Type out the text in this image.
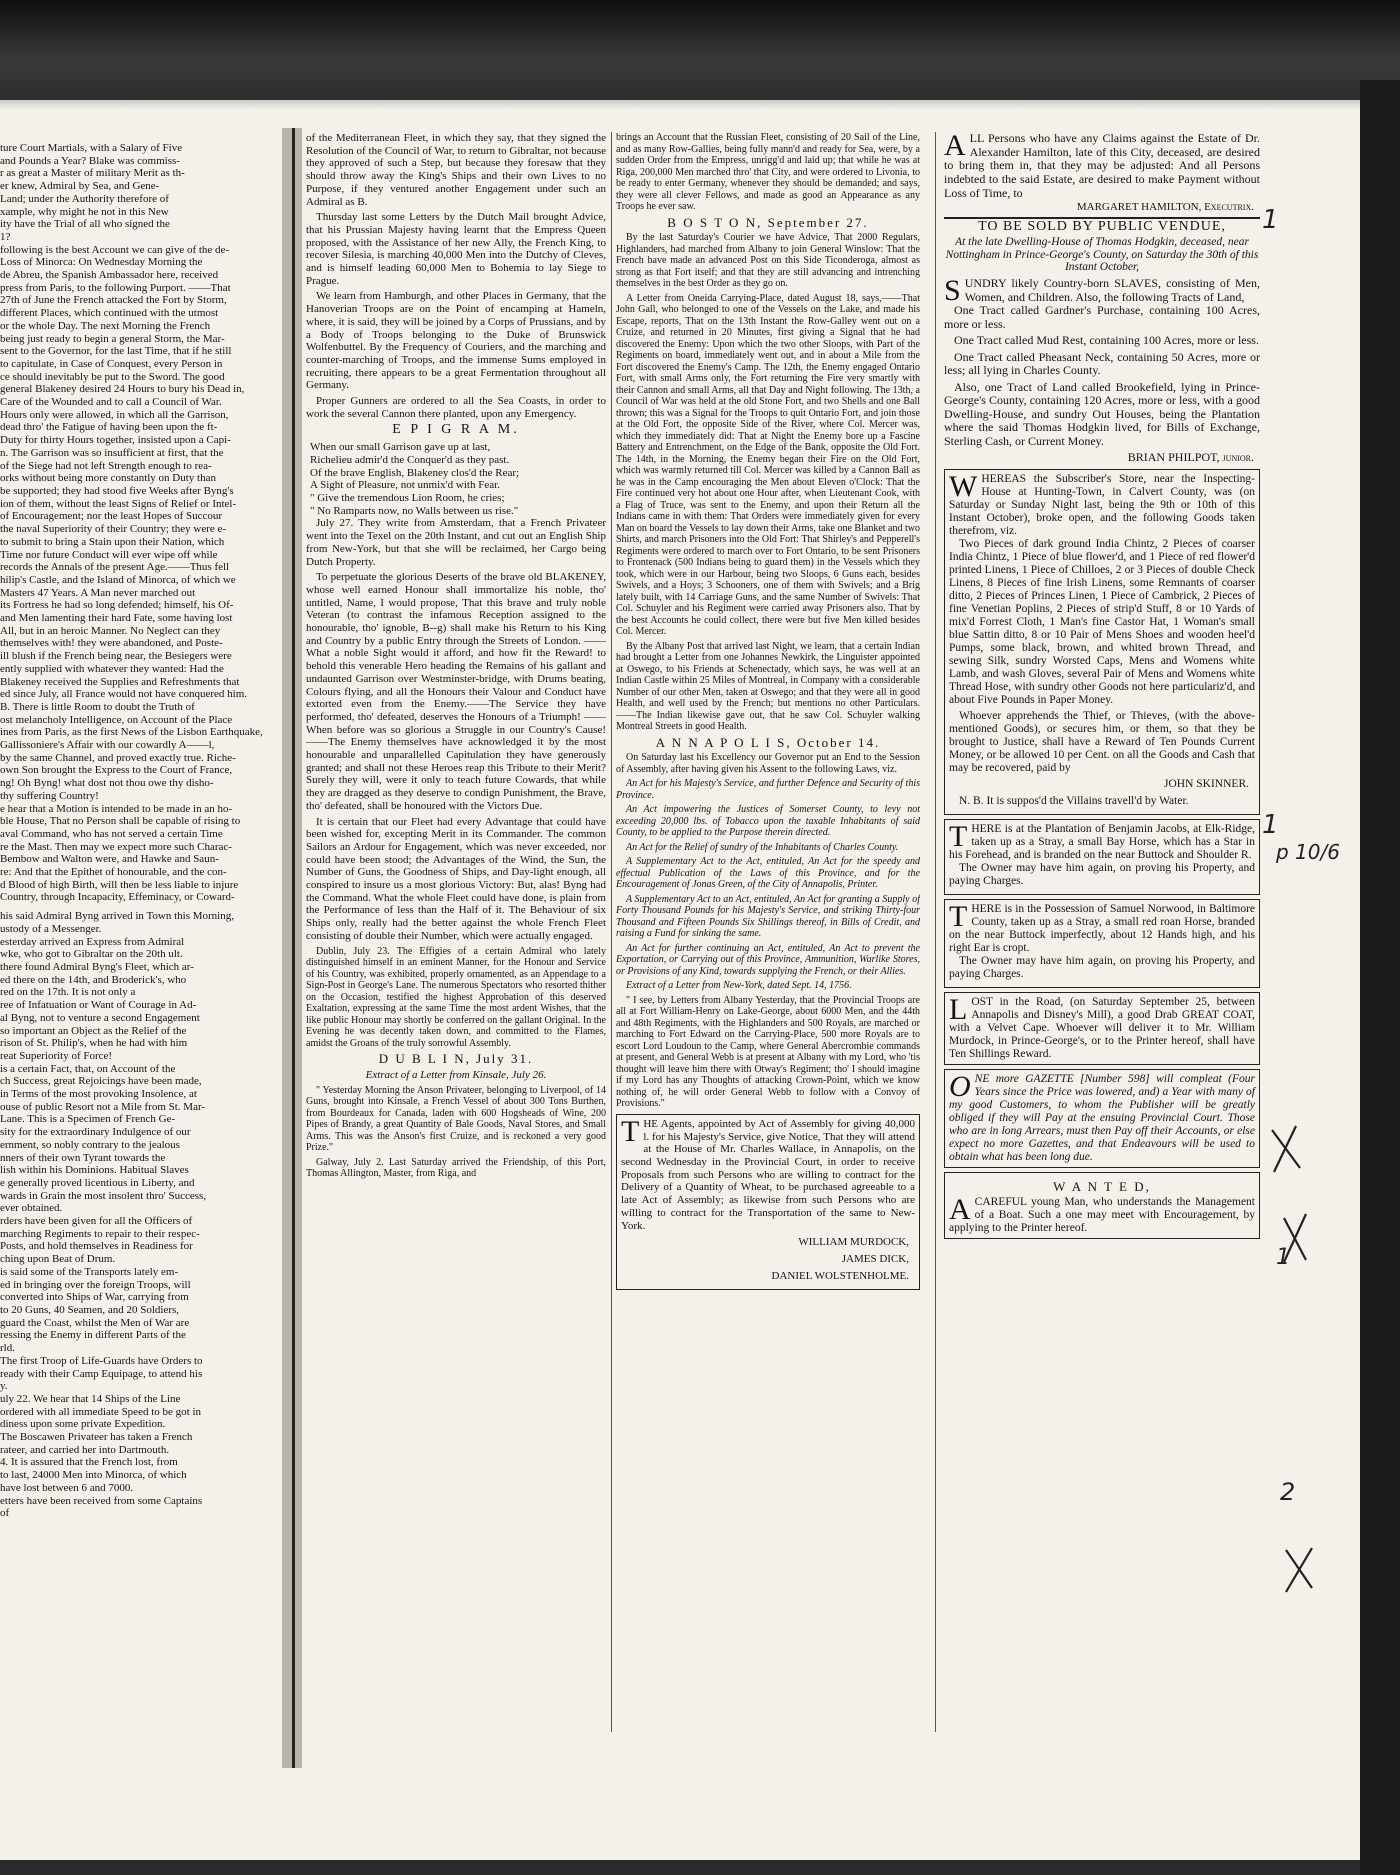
ture Court Martials, with a Salary of Five

and Pounds a Year? Blake was commiss-

r as great a Master of military Merit as th-

er knew, Admiral by Sea, and Gene-

Land; under the Authority therefore of

xample, why might he not in this New

ity have the Trial of all who signed the

1?

following is the best Account we can give of the de-

Loss of Minorca: On Wednesday Morning the

de Abreu, the Spanish Ambassador here, received

press from Paris, to the following Purport. ——That

27th of June the French attacked the Fort by Storm,

different Places, which continued with the utmost

or the whole Day. The next Morning the French

being just ready to begin a general Storm, the Mar-

sent to the Governor, for the last Time, that if he still

to capitulate, in Case of Conquest, every Person in

ce should inevitably be put to the Sword. The good

general Blakeney desired 24 Hours to bury his Dead in,

Care of the Wounded and to call a Council of War.

Hours only were allowed, in which all the Garrison,

dead thro' the Fatigue of having been upon the ft-

Duty for thirty Hours together, insisted upon a Capi-

n. The Garrison was so insufficient at first, that the

of the Siege had not left Strength enough to rea-

orks without being more constantly on Duty than

be supported; they had stood five Weeks after Byng's

ion of them, without the least Signs of Relief or Intel-

of Encouragement; nor the least Hopes of Succour

the naval Superiority of their Country; they were e-

to submit to bring a Stain upon their Nation, which

Time nor future Conduct will ever wipe off while

records the Annals of the present Age.——Thus fell

hilip's Castle, and the Island of Minorca, of which we

Masters 47 Years. A Man never marched out

its Fortress he had so long defended; himself, his Of-

and Men lamenting their hard Fate, some having lost

All, but in an heroic Manner. No Neglect can they

themselves with! they were abandoned, and Poste-

ill blush if the French being near, the Besiegers were

ently supplied with whatever they wanted: Had the

Blakeney received the Supplies and Refreshments that

ed since July, all France would not have conquered him.

B. There is little Room to doubt the Truth of

ost melancholy Intelligence, on Account of the Place

ines from Paris, as the first News of the Lisbon Earthquake,

Gallissoniere's Affair with our cowardly A——l,

by the same Channel, and proved exactly true. Riche-

own Son brought the Express to the Court of France,

ng! Oh Byng! what dost not thou owe thy disho-

thy suffering Country!

e hear that a Motion is intended to be made in an ho-

ble House, That no Person shall be capable of rising to

aval Command, who has not served a certain Time

re the Mast. Then may we expect more such Charac-

Bembow and Walton were, and Hawke and Saun-

re: And that the Epithet of honourable, and the con-

d Blood of high Birth, will then be less liable to injure

Country, through Incapacity, Effeminacy, or Coward-

his said Admiral Byng arrived in Town this Morning,

ustody of a Messenger.

esterday arrived an Express from Admiral

wke, who got to Gibraltar on the 20th ult.

there found Admiral Byng's Fleet, which ar-

ed there on the 14th, and Broderick's, who

red on the 17th. It is not only a

ree of Infatuation or Want of Courage in Ad-

al Byng, not to venture a second Engagement

so important an Object as the Relief of the

rison of St. Philip's, when he had with him

reat Superiority of Force!

is a certain Fact, that, on Account of the

ch Success, great Rejoicings have been made,

in Terms of the most provoking Insolence, at

ouse of public Resort not a Mile from St. Mar-

Lane. This is a Specimen of French Ge-

sity for the extraordinary Indulgence of our

ernment, so nobly contrary to the jealous

nners of their own Tyrant towards the

lish within his Dominions. Habitual Slaves

e generally proved licentious in Liberty, and

wards in Grain the most insolent thro' Success,

ever obtained.

rders have been given for all the Officers of

marching Regiments to repair to their respec-

Posts, and hold themselves in Readiness for

ching upon Beat of Drum.

is said some of the Transports lately em-

ed in bringing over the foreign Troops, will

converted into Ships of War, carrying from

to 20 Guns, 40 Seamen, and 20 Soldiers,

guard the Coast, whilst the Men of War are

ressing the Enemy in different Parts of the

rld.

The first Troop of Life-Guards have Orders to

ready with their Camp Equipage, to attend his

y.

uly 22. We hear that 14 Ships of the Line

ordered with all immediate Speed to be got in

diness upon some private Expedition.

The Boscawen Privateer has taken a French

rateer, and carried her into Dartmouth.

4. It is assured that the French lost, from

to last, 24000 Men into Minorca, of which

have lost between 6 and 7000.

etters have been received from some Captains

of

of the Mediterranean Fleet, in which they say, that they signed the Resolution of the Council of War, to return to Gibraltar, not because they approved of such a Step, but because they foresaw that they should throw away the King's Ships and their own Lives to no Purpose, if they ventured another Engagement under such an Admiral as B.

Thursday last some Letters by the Dutch Mail brought Advice, that his Prussian Majesty having learnt that the Empress Queen proposed, with the Assistance of her new Ally, the French King, to recover Silesia, is marching 40,000 Men into the Dutchy of Cleves, and is himself leading 60,000 Men to Bohemia to lay Siege to Prague.

We learn from Hamburgh, and other Places in Germany, that the Hanoverian Troops are on the Point of encamping at Hameln, where, it is said, they will be joined by a Corps of Prussians, and by a Body of Troops belonging to the Duke of Brunswick Wolfenbuttel. By the Frequency of Couriers, and the marching and counter-marching of Troops, and the immense Sums employed in recruiting, there appears to be a great Fermentation throughout all Germany.

Proper Gunners are ordered to all the Sea Coasts, in order to work the several Cannon there planted, upon any Emergency.

E P I G R A M.

When our small Garrison gave up at last,

Richelieu admir'd the Conquer'd as they past.

Of the brave English, Blakeney clos'd the Rear;

A Sight of Pleasure, not unmix'd with Fear.

" Give the tremendous Lion Room, he cries;

" No Ramparts now, no Walls between us rise."

July 27. They write from Amsterdam, that a French Privateer went into the Texel on the 20th Instant, and cut out an English Ship from New-York, but that she will be reclaimed, her Cargo being Dutch Property.

To perpetuate the glorious Deserts of the brave old BLAKENEY, whose well earned Honour shall immortalize his noble, tho' untitled, Name, I would propose, That this brave and truly noble Veteran (to contrast the infamous Reception assigned to the honourable, tho' ignoble, B--g) shall make his Return to his King and Country by a public Entry through the Streets of London. ——What a noble Sight would it afford, and how fit the Reward! to behold this venerable Hero heading the Remains of his gallant and undaunted Garrison over Westminster-bridge, with Drums beating, Colours flying, and all the Honours their Valour and Conduct have extorted even from the Enemy.——The Service they have performed, tho' defeated, deserves the Honours of a Triumph! ——When before was so glorious a Struggle in our Country's Cause!——The Enemy themselves have acknowledged it by the most honourable and unparallelled Capitulation they have generously granted; and shall not these Heroes reap this Tribute to their Merit? Surely they will, were it only to teach future Cowards, that while they are dragged as they deserve to condign Punishment, the Brave, tho' defeated, shall be honoured with the Victors Due.

It is certain that our Fleet had every Advantage that could have been wished for, excepting Merit in its Commander. The common Sailors an Ardour for Engagement, which was never exceeded, nor could have been stood; the Advantages of the Wind, the Sun, the Number of Guns, the Goodness of Ships, and Day-light enough, all conspired to insure us a most glorious Victory: But, alas! Byng had the Command. What the whole Fleet could have done, is plain from the Performance of less than the Half of it. The Behaviour of six Ships only, really had the better against the whole French Fleet consisting of double their Number, which were actually engaged.

Dublin, July 23. The Effigies of a certain Admiral who lately distinguished himself in an eminent Manner, for the Honour and Service of his Country, was exhibited, properly ornamented, as an Appendage to a Sign-Post in George's Lane. The numerous Spectators who resorted thither on the Occasion, testified the highest Approbation of this deserved Exaltation, expressing at the same Time the most ardent Wishes, that the like public Honour may shortly be conferred on the gallant Original. In the Evening he was decently taken down, and committed to the Flames, amidst the Groans of the truly sorrowful Assembly.

D U B L I N, July 31.

Extract of a Letter from Kinsale, July 26.

" Yesterday Morning the Anson Privateer, belonging to Liverpool, of 14 Guns, brought into Kinsale, a French Vessel of about 300 Tons Burthen, from Bourdeaux for Canada, laden with 600 Hogsheads of Wine, 200 Pipes of Brandy, a great Quantity of Bale Goods, Naval Stores, and Small Arms. This was the Anson's first Cruize, and is reckoned a very good Prize."

Galway, July 2. Last Saturday arrived the Friendship, of this Port, Thomas Allington, Master, from Riga, and

brings an Account that the Russian Fleet, consisting of 20 Sail of the Line, and as many Row-Gallies, being fully mann'd and ready for Sea, were, by a sudden Order from the Empress, unrigg'd and laid up; that while he was at Riga, 200,000 Men marched thro' that City, and were ordered to Livonia, to be ready to enter Germany, whenever they should be demanded; and says, they were all clever Fellows, and made as good an Appearance as any Troops he ever saw.

B O S T O N, September 27.

By the last Saturday's Courier we have Advice, That 2000 Regulars, Highlanders, had marched from Albany to join General Winslow: That the French have made an advanced Post on this Side Ticonderoga, almost as strong as that Fort itself; and that they are still advancing and intrenching themselves in the best Order as they go on.

A Letter from Oneida Carrying-Place, dated August 18, says,——That John Gall, who belonged to one of the Vessels on the Lake, and made his Escape, reports, That on the 13th Instant the Row-Galley went out on a Cruize, and returned in 20 Minutes, first giving a Signal that he had discovered the Enemy: Upon which the two other Sloops, with Part of the Regiments on board, immediately went out, and in about a Mile from the Fort discovered the Enemy's Camp. The 12th, the Enemy engaged Ontario Fort, with small Arms only, the Fort returning the Fire very smartly with their Cannon and small Arms, all that Day and Night following. The 13th, a Council of War was held at the old Stone Fort, and two Shells and one Ball thrown; this was a Signal for the Troops to quit Ontario Fort, and join those at the Old Fort, the opposite Side of the River, where Col. Mercer was, which they immediately did: That at Night the Enemy bore up a Fascine Battery and Entrenchment, on the Edge of the Bank, opposite the Old Fort. The 14th, in the Morning, the Enemy began their Fire on the Old Fort, which was warmly returned till Col. Mercer was killed by a Cannon Ball as he was in the Camp encouraging the Men about Eleven o'Clock: That the Fire continued very hot about one Hour after, when Lieutenant Cook, with a Flag of Truce, was sent to the Enemy, and upon their Return all the Indians came in with them: That Orders were immediately given for every Man on board the Vessels to lay down their Arms, take one Blanket and two Shirts, and march Prisoners into the Old Fort: That Shirley's and Pepperell's Regiments were ordered to march over to Fort Ontario, to be sent Prisoners to Frontenack (500 Indians being to guard them) in the Vessels which they took, which were in our Harbour, being two Sloops, 6 Guns each, besides Swivels, and a Hoys; 3 Schooners, one of them with Swivels; and a Brig lately built, with 14 Carriage Guns, and the same Number of Swivels: That Col. Schuyler and his Regiment were carried away Prisoners also. That by the best Accounts he could collect, there were but five Men killed besides Col. Mercer.

By the Albany Post that arrived last Night, we learn, that a certain Indian had brought a Letter from one Johannes Newkirk, the Linguister appointed at Oswego, to his Friends at Schenectady, which says, he was well at an Indian Castle within 25 Miles of Montreal, in Company with a considerable Number of our other Men, taken at Oswego; and that they were all in good Health, and well used by the French; but mentions no other Particulars.——The Indian likewise gave out, that he saw Col. Schuyler walking Montreal Streets in good Health.

A N N A P O L I S, October 14.

On Saturday last his Excellency our Governor put an End to the Session of Assembly, after having given his Assent to the following Laws, viz.

An Act for his Majesty's Service, and further Defence and Security of this Province.

An Act impowering the Justices of Somerset County, to levy not exceeding 20,000 lbs. of Tobacco upon the taxable Inhabitants of said County, to be applied to the Purpose therein directed.

An Act for the Relief of sundry of the Inhabitants of Charles County.

A Supplementary Act to the Act, entituled, An Act for the speedy and effectual Publication of the Laws of this Province, and for the Encouragement of Jonas Green, of the City of Annapolis, Printer.

A Supplementary Act to an Act, entituled, An Act for granting a Supply of Forty Thousand Pounds for his Majesty's Service, and striking Thirty-four Thousand and Fifteen Pounds Six Shillings thereof, in Bills of Credit, and raising a Fund for sinking the same.

An Act for further continuing an Act, entituled, An Act to prevent the Exportation, or Carrying out of this Province, Ammunition, Warlike Stores, or Provisions of any Kind, towards supplying the French, or their Allies.

Extract of a Letter from New-York, dated Sept. 14, 1756.

" I see, by Letters from Albany Yesterday, that the Provincial Troops are all at Fort William-Henry on Lake-George, about 6000 Men, and the 44th and 48th Regiments, with the Highlanders and 500 Royals, are marched or marching to Fort Edward on the Carrying-Place, 500 more Royals are to escort Lord Loudoun to the Camp, where General Abercrombie commands at present, and General Webb is at present at Albany with my Lord, who 'tis thought will leave him there with Otway's Regiment; tho' I should imagine if my Lord has any Thoughts of attacking Crown-Point, which we know nothing of, he will order General Webb to follow with a Convoy of Provisions."

T HE Agents, appointed by Act of Assembly for giving 40,000 l. for his Majesty's Service, give Notice, That they will attend at the House of Mr. Charles Wallace, in Annapolis, on the second Wednesday in the Provincial Court, in order to receive Proposals from such Persons who are willing to contract for the Delivery of a Quantity of Wheat, to be purchased agreeable to a late Act of Assembly; as likewise from such Persons who are willing to contract for the Transportation of the same to New-York.
WILLIAM MURDOCK,
JAMES DICK,
DANIEL WOLSTENHOLME.
A LL Persons who have any Claims against the Estate of Dr. Alexander Hamilton, late of this City, deceased, are desired to bring them in, that they may be adjusted: And all Persons indebted to the said Estate, are desired to make Payment without Loss of Time, to
MARGARET HAMILTON, Executrix.
TO BE SOLD BY PUBLIC VENDUE,

At the late Dwelling-House of Thomas Hodgkin, deceased, near Nottingham in Prince-George's County, on Saturday the 30th of this Instant October,

S UNDRY likely Country-born SLAVES, consisting of Men, Women, and Children. Also, the following Tracts of Land,

One Tract called Gardner's Purchase, containing 100 Acres, more or less.

One Tract called Mud Rest, containing 100 Acres, more or less.

One Tract called Pheasant Neck, containing 50 Acres, more or less; all lying in Charles County.

Also, one Tract of Land called Brookefield, lying in Prince-George's County, containing 120 Acres, more or less, with a good Dwelling-House, and sundry Out Houses, being the Plantation where the said Thomas Hodgkin lived, for Bills of Exchange, Sterling Cash, or Current Money.

BRIAN PHILPOT, junior.
W HEREAS the Subscriber's Store, near the Inspecting-House at Hunting-Town, in Calvert County, was (on Saturday or Sunday Night last, being the 9th or 10th of this Instant October), broke open, and the following Goods taken therefrom, viz.

Two Pieces of dark ground India Chintz, 2 Pieces of coarser India Chintz, 1 Piece of blue flower'd, and 1 Piece of red flower'd printed Linens, 1 Piece of Chilloes, 2 or 3 Pieces of double Check Linens, 8 Pieces of fine Irish Linens, some Remnants of coarser ditto, 2 Pieces of Princes Linen, 1 Piece of Cambrick, 2 Pieces of fine Venetian Poplins, 2 Pieces of strip'd Stuff, 8 or 10 Yards of mix'd Forrest Cloth, 1 Man's fine Castor Hat, 1 Woman's small blue Sattin ditto, 8 or 10 Pair of Mens Shoes and wooden heel'd Pumps, some black, brown, and whited brown Thread, and sewing Silk, sundry Worsted Caps, Mens and Womens white Lamb, and wash Gloves, several Pair of Mens and Womens white Thread Hose, with sundry other Goods not here particulariz'd, and about Five Pounds in Paper Money.

Whoever apprehends the Thief, or Thieves, (with the above-mentioned Goods), or secures him, or them, so that they be brought to Justice, shall have a Reward of Ten Pounds Current Money, or be allowed 10 per Cent. on all the Goods and Cash that may be recovered, paid by

JOHN SKINNER.

N. B. It is suppos'd the Villains travell'd by Water.

T HERE is at the Plantation of Benjamin Jacobs, at Elk-Ridge, taken up as a Stray, a small Bay Horse, which has a Star in his Forehead, and is branded on the near Buttock and Shoulder R.

The Owner may have him again, on proving his Property, and paying Charges.

T HERE is in the Possession of Samuel Norwood, in Baltimore County, taken up as a Stray, a small red roan Horse, branded on the near Buttock imperfectly, about 12 Hands high, and his right Ear is cropt.

The Owner may have him again, on proving his Property, and paying Charges.

L OST in the Road, (on Saturday September 25, between Annapolis and Disney's Mill), a good Drab GREAT COAT, with a Velvet Cape. Whoever will deliver it to Mr. William Murdock, in Prince-George's, or to the Printer hereof, shall have Ten Shillings Reward.
O NE more GAZETTE [Number 598] will compleat (Four Years since the Price was lowered, and) a Year with many of my good Customers, to whom the Publisher will be greatly obliged if they will Pay at the ensuing Provincial Court. Those who are in long Arrears, must then Pay off their Accounts, or else expect no more Gazettes, and that Endeavours will be used to obtain what has been long due.
W A N T E D,
A CAREFUL young Man, who understands the Management of a Boat. Such a one may meet with Encouragement, by applying to the Printer hereof.
1
1
p 10/6
1
2
